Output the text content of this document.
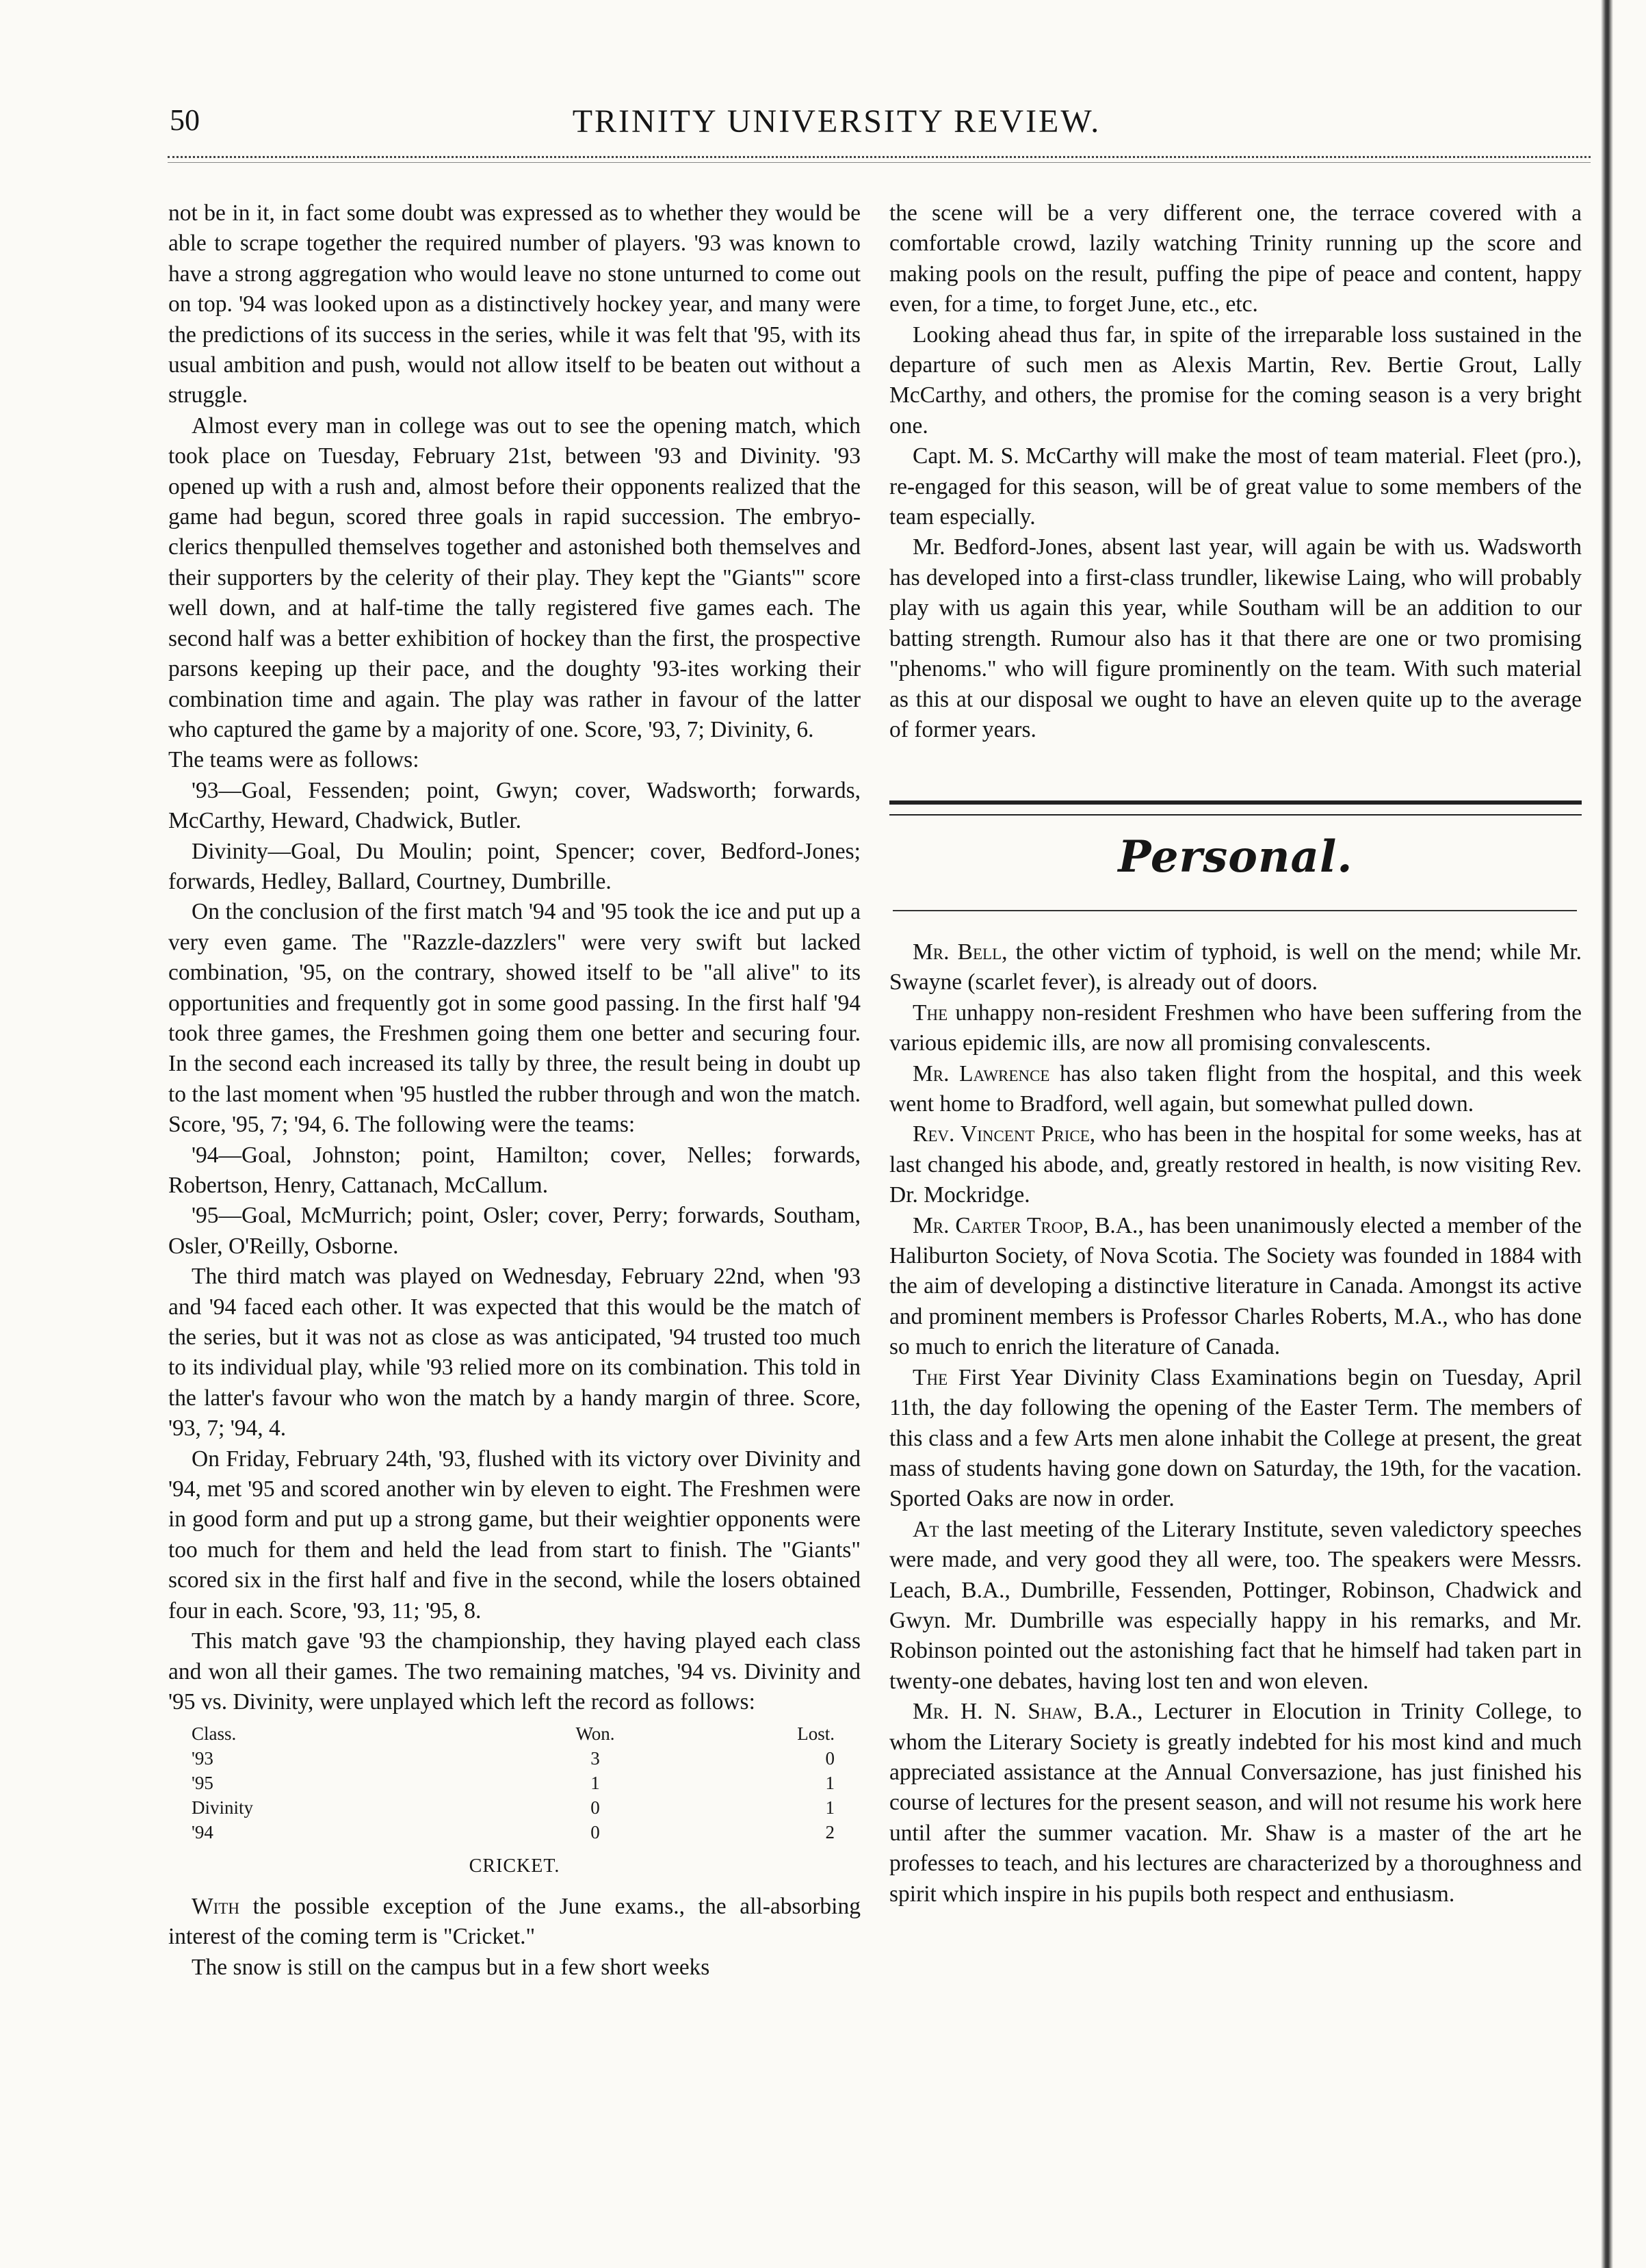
50	TRINITY UNIVERSITY REVIEW.

not be in it, in fact some doubt was expressed as to whether they would be able to scrape together the required number of players. '93 was known to have a strong aggregation who would leave no stone unturned to come out on top. '94 was looked upon as a distinctively hockey year, and many were the predictions of its success in the series, while it was felt that '95, with its usual ambition and push, would not allow itself to be beaten out without a struggle.

Almost every man in college was out to see the opening match, which took place on Tuesday, February 21st, between '93 and Divinity. '93 opened up with a rush and, almost before their opponents realized that the game had begun, scored three goals in rapid succession. The embryo-clerics thenpulled themselves together and astonished both themselves and their supporters by the celerity of their play. They kept the "Giants'" score well down, and at half-time the tally registered five games each. The second half was a better exhibition of hockey than the first, the prospective parsons keeping up their pace, and the doughty '93-ites working their combination time and again. The play was rather in favour of the latter who captured the game by a majority of one. Score, '93, 7; Divinity, 6.

The teams were as follows:

'93—Goal, Fessenden; point, Gwyn; cover, Wadsworth; forwards, McCarthy, Heward, Chadwick, Butler.

Divinity—Goal, Du Moulin; point, Spencer; cover, Bedford-Jones; forwards, Hedley, Ballard, Courtney, Dumbrille.

On the conclusion of the first match '94 and '95 took the ice and put up a very even game. The "Razzle-dazzlers" were very swift but lacked combination, '95, on the contrary, showed itself to be "all alive" to its opportunities and frequently got in some good passing. In the first half '94 took three games, the Freshmen going them one better and securing four. In the second each increased its tally by three, the result being in doubt up to the last moment when '95 hustled the rubber through and won the match. Score, '95, 7; '94, 6. The following were the teams:

'94—Goal, Johnston; point, Hamilton; cover, Nelles; forwards, Robertson, Henry, Cattanach, McCallum.

'95—Goal, McMurrich; point, Osler; cover, Perry; forwards, Southam, Osler, O'Reilly, Osborne.

The third match was played on Wednesday, February 22nd, when '93 and '94 faced each other. It was expected that this would be the match of the series, but it was not as close as was anticipated, '94 trusted too much to its individual play, while '93 relied more on its combination. This told in the latter's favour who won the match by a handy margin of three. Score, '93, 7; '94, 4.

On Friday, February 24th, '93, flushed with its victory over Divinity and '94, met '95 and scored another win by eleven to eight. The Freshmen were in good form and put up a strong game, but their weightier opponents were too much for them and held the lead from start to finish. The "Giants" scored six in the first half and five in the second, while the losers obtained four in each. Score, '93, 11; '95, 8.

This match gave '93 the championship, they having played each class and won all their games. The two remaining matches, '94 vs. Divinity and '95 vs. Divinity, were unplayed which left the record as follows:

Class.	Won.	Lost.
'93	3	0
'95	1	1
Divinity	0	1
'94	0	2
CRICKET.

With the possible exception of the June exams., the all-absorbing interest of the coming term is "Cricket."

The snow is still on the campus but in a few short weeks

the scene will be a very different one, the terrace covered with a comfortable crowd, lazily watching Trinity running up the score and making pools on the result, puffing the pipe of peace and content, happy even, for a time, to forget June, etc., etc.

Looking ahead thus far, in spite of the irreparable loss sustained in the departure of such men as Alexis Martin, Rev. Bertie Grout, Lally McCarthy, and others, the promise for the coming season is a very bright one.

Capt. M. S. McCarthy will make the most of team material. Fleet (pro.), re-engaged for this season, will be of great value to some members of the team especially.

Mr. Bedford-Jones, absent last year, will again be with us. Wadsworth has developed into a first-class trundler, likewise Laing, who will probably play with us again this year, while Southam will be an addition to our batting strength. Rumour also has it that there are one or two promising "phenoms." who will figure prominently on the team. With such material as this at our disposal we ought to have an eleven quite up to the average of former years.

Personal.

Mr. Bell, the other victim of typhoid, is well on the mend; while Mr. Swayne (scarlet fever), is already out of doors.

The unhappy non-resident Freshmen who have been suffering from the various epidemic ills, are now all promising convalescents.

Mr. Lawrence has also taken flight from the hospital, and this week went home to Bradford, well again, but somewhat pulled down.

Rev. Vincent Price, who has been in the hospital for some weeks, has at last changed his abode, and, greatly restored in health, is now visiting Rev. Dr. Mockridge.

Mr. Carter Troop, B.A., has been unanimously elected a member of the Haliburton Society, of Nova Scotia. The Society was founded in 1884 with the aim of developing a distinctive literature in Canada. Amongst its active and prominent members is Professor Charles Roberts, M.A., who has done so much to enrich the literature of Canada.

The First Year Divinity Class Examinations begin on Tuesday, April 11th, the day following the opening of the Easter Term. The members of this class and a few Arts men alone inhabit the College at present, the great mass of students having gone down on Saturday, the 19th, for the vacation. Sported Oaks are now in order.

At the last meeting of the Literary Institute, seven valedictory speeches were made, and very good they all were, too. The speakers were Messrs. Leach, B.A., Dumbrille, Fessenden, Pottinger, Robinson, Chadwick and Gwyn. Mr. Dumbrille was especially happy in his remarks, and Mr. Robinson pointed out the astonishing fact that he himself had taken part in twenty-one debates, having lost ten and won eleven.

Mr. H. N. Shaw, B.A., Lecturer in Elocution in Trinity College, to whom the Literary Society is greatly indebted for his most kind and much appreciated assistance at the Annual Conversazione, has just finished his course of lectures for the present season, and will not resume his work here until after the summer vacation. Mr. Shaw is a master of the art he professes to teach, and his lectures are characterized by a thoroughness and spirit which inspire in his pupils both respect and enthusiasm.
